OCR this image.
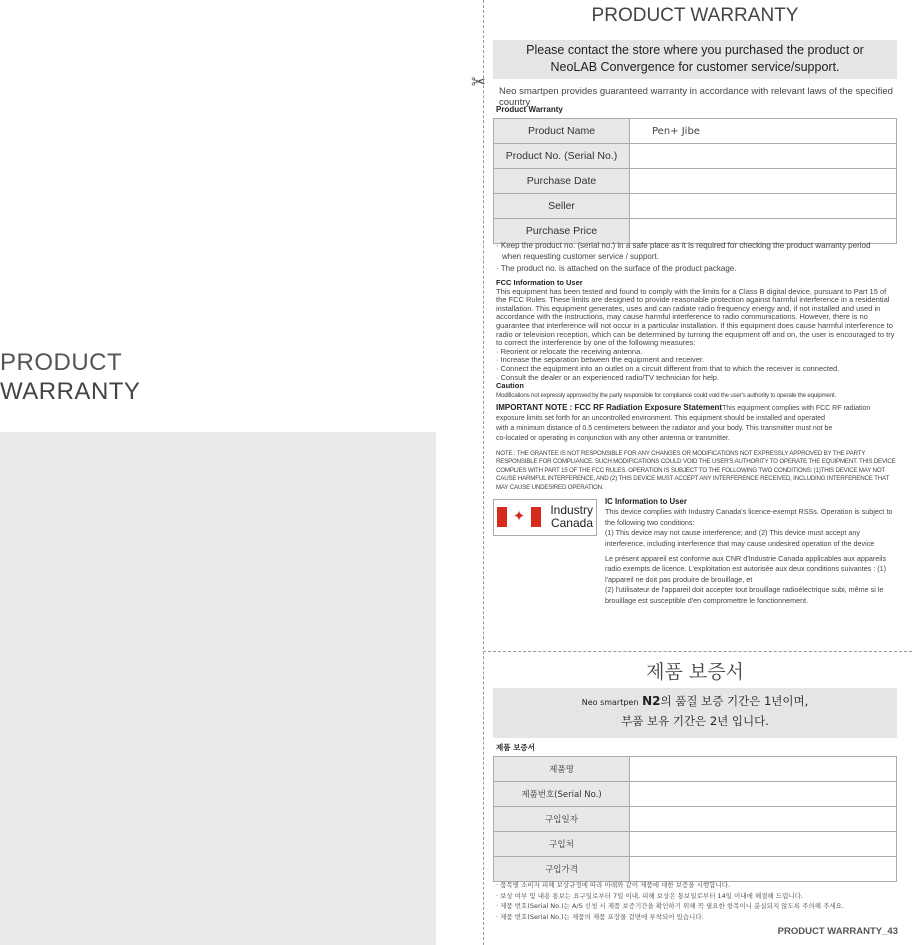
PRODUCT
WARRANTY
✂
PRODUCT WARRANTY
Please contact the store where you purchased the product or
NeoLAB Convergence for customer service/support.
Neo smartpen provides guaranteed warranty in accordance with relevant laws of the specified country
Product Warranty
Product Name	Pen+ Jibe
Product No. (Serial No.)	
Purchase Date	
Seller	
Purchase Price	
· Keep the product no. (serial no.) in a safe place as it is required for checking the product warranty period
when requesting customer service / support.
· The product no. is attached on the surface of the product package.
FCC Information to User
This equipment has been tested and found to comply with the limits for a Class B digital device, pursuant to Part 15 of the FCC Rules. These limits are designed to provide reasonable protection against harmful interference in a residential installation. This equipment generates, uses and can radiate radio frequency energy and, if not installed and used in accordance with the instructions, may cause harmful interference to radio communications. However, there is no guarantee that interference will not occur in a particular installation. If this equipment does cause harmful interference to radio or television reception, which can be determined by turning the equipment off and on, the user is encouraged to try to correct the interference by one of the following measures:
· Reorient or relocate the receiving antenna.
· Increase the separation between the equipment and receiver.
· Connect the equipment into an outlet on a circuit different from that to which the receiver is connected.
· Consult the dealer or an experienced radio/TV technician for help.
Caution
Modifications not expressly approved by the party responsible for compliance could void the user's authority to operate the equipment.
IMPORTANT NOTE : FCC RF Radiation Exposure StatementThis equipment complies with FCC RF radiation
exposure limits set forth for an uncontrolled environment. This equipment should be installed and operated
with a minimum distance of 0.5 centimeters between the radiator and your body. This transmitter must not be
co-located or operating in conjunction with any other antenna or transmitter.
NOTE : THE GRANTEE IS NOT RESPONSIBLE FOR ANY CHANGES OR MODIFICATIONS NOT EXPRESSLY APPROVED BY THE PARTY RESPONSIBLE FOR COMPLIANCE. SUCH MODIFICATIONS COULD VOID THE USER'S AUTHORITY TO OPERATE THE EQUIPMENT. THIS DEVICE COMPLIES WITH PART 15 OF THE FCC RULES. OPERATION IS SUBJECT TO THE FOLLOWING TWO CONDITIONS: (1)THIS DEVICE MAY NOT CAUSE HARMFUL INTERFERENCE, AND (2) THIS DEVICE MUST ACCEPT ANY INTERFERENCE RECEIVED, INCLUDING INTERFERENCE THAT MAY CAUSE UNDESIRED OPERATION.
✦	Industry
Canada
IC Information to User
This device complies with Industry Canada's licence-exempt RSSs. Operation is subject to the following two conditions:
(1) This device may not cause interference; and (2) This device must accept any interference, including interference that may cause undesired operation of the device
Le présent appareil est conforme aux CNR d'Industrie Canada applicables aux appareils radio exempts de licence. L'exploitation est autorisée aux deux conditions suivantes : (1) l'appareil ne doit pas produire de brouillage, et
(2) l'utilisateur de l'appareil doit accepter tout brouillage radioélectrique subi, même si le brouillage est susceptible d'en compromettre le fonctionnement.
제품 보증서
Neo smartpen N2의 품질 보증 기간은 1년이며,
부품 보유 기간은 2년 입니다.
제품 보증서
제품명	
제품번호(Serial No.)	
구입일자	
구입처	
구입가격	
· 품목별 소비자 피해 보상규정에 따라 아래와 같이 제품에 대한 보증을 시행합니다.
· 보상 여부 및 내용 통보는 요구일로부터 7일 이내, 피해 보상은 통보일로부터 14일 이내에 해결해 드립니다.
· 제품 번호(Serial No.)는 A/S 신청 시 제품 보증기간을 확인하기 위해 꼭 필요한 항목이니 분실되지 않도록 주의해 주세요.
· 제품 번호(Serial No.)는 제품의 제품 포장물 겉면에 부착되어 있습니다.
PRODUCT WARRANTY_43
